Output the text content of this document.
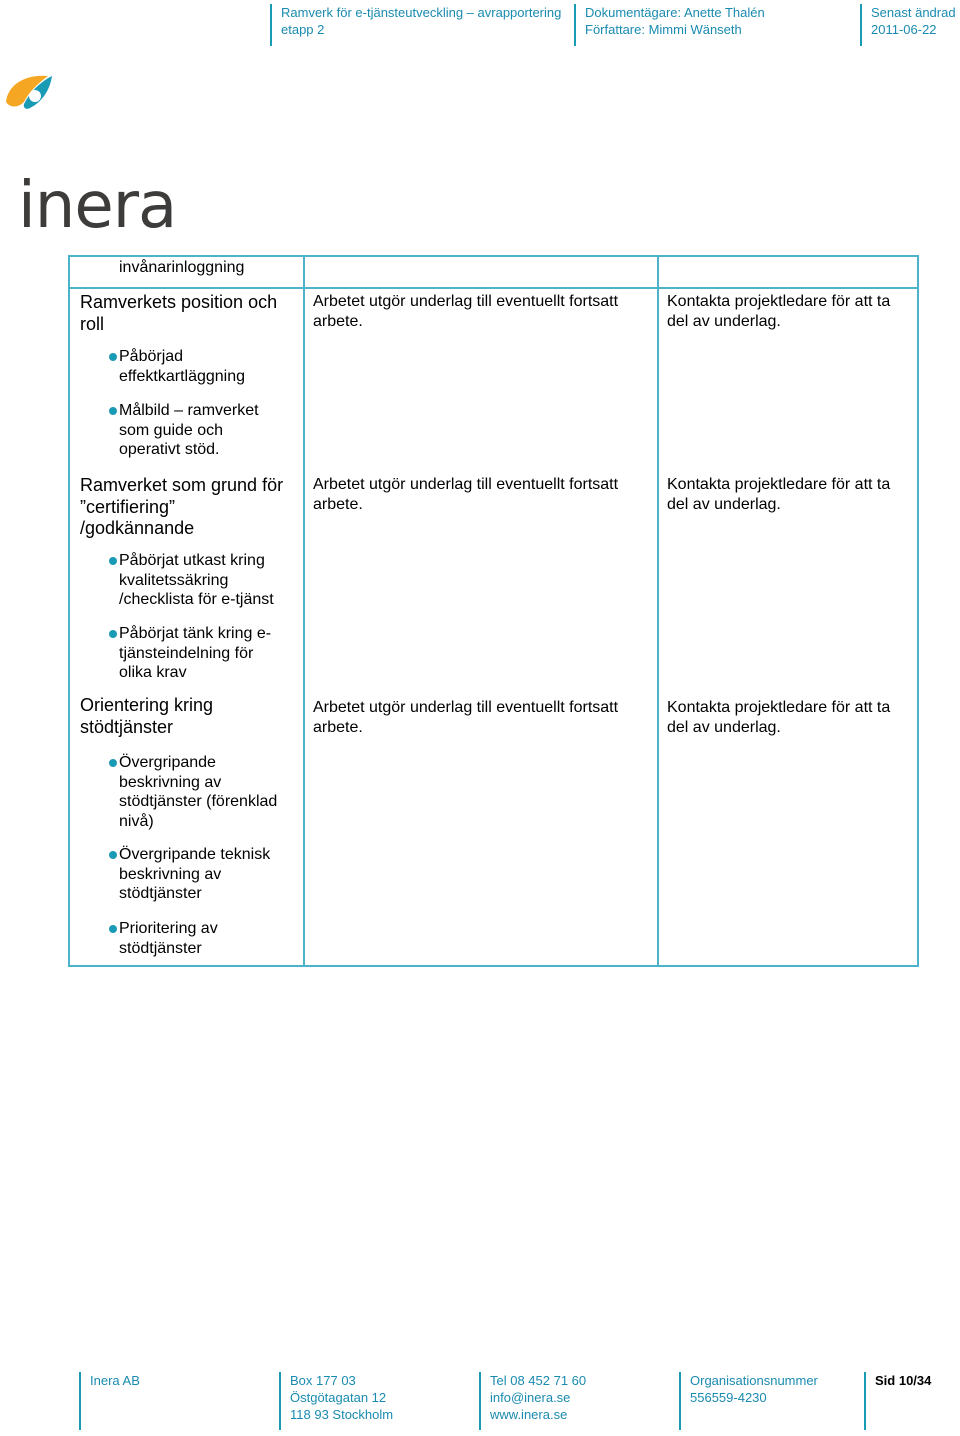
Ramverk för e-tjänsteutveckling – avrapportering
etapp 2
Dokumentägare: Anette Thalén
Författare: Mimmi Wänseth
Senast ändrad
2011-06-22
inera
invånarinloggning
Ramverkets position och
roll
Påbörjad
effektkartläggning
Målbild – ramverket
som guide och
operativt stöd.
Arbetet utgör underlag till eventuellt fortsatt
arbete.
Kontakta projektledare för att ta
del av underlag.
Ramverket som grund för
”certifiering”
/godkännande
Påbörjat utkast kring
kvalitetssäkring
/checklista för e-tjänst
Påbörjat tänk kring e-
tjänsteindelning för
olika krav
Arbetet utgör underlag till eventuellt fortsatt
arbete.
Kontakta projektledare för att ta
del av underlag.
Orientering kring
stödtjänster
Övergripande
beskrivning av
stödtjänster (förenklad
nivå)
Övergripande teknisk
beskrivning av
stödtjänster
Prioritering av
stödtjänster
Arbetet utgör underlag till eventuellt fortsatt
arbete.
Kontakta projektledare för att ta
del av underlag.
Inera AB	Box 177 03
Östgötagatan 12
118 93 Stockholm
Tel 08 452 71 60
info@inera.se
www.inera.se
Organisationsnummer
556559-4230
Sid 10/34
